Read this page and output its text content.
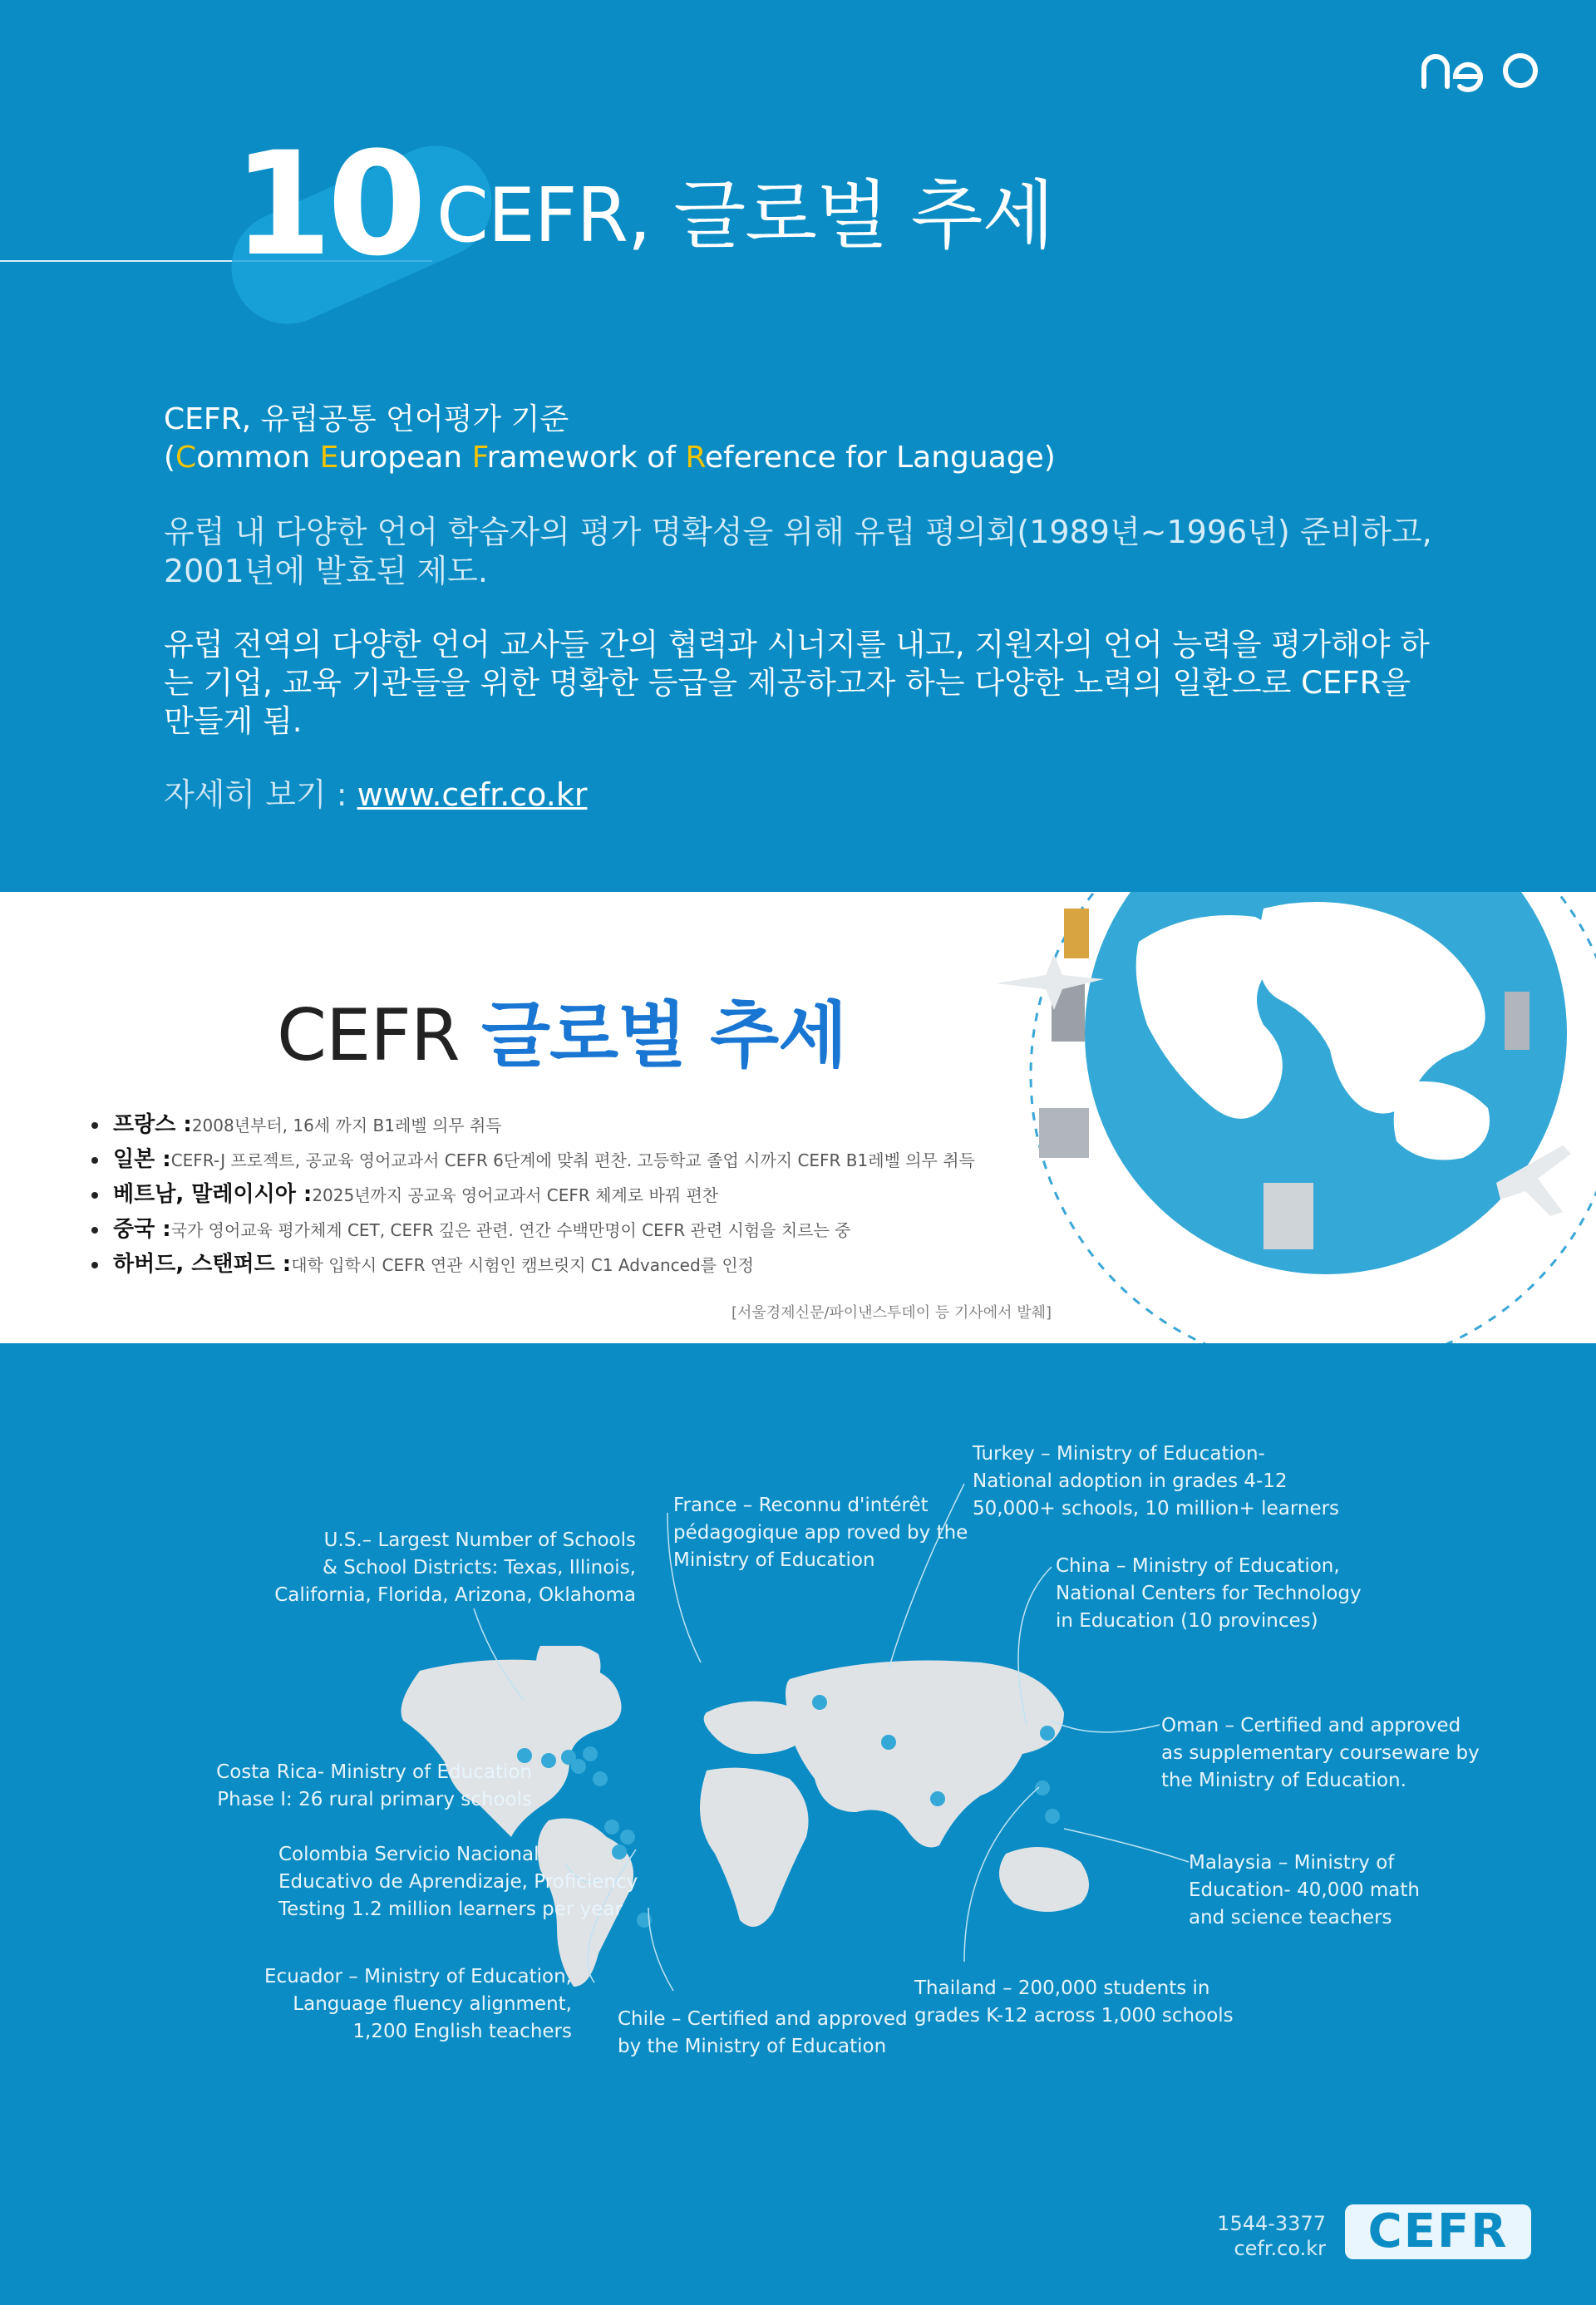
10 CEFR, 글로벌 추세

CEFR, 유럽공통 언어평가 기준

(Common European Framework of Reference for Language)

유럽 내 다양한 언어 학습자의 평가 명확성을 위해 유럽 평의회(1989년~1996년) 준비하고,
2001년에 발효된 제도.

유럽 전역의 다양한 언어 교사들 간의 협력과 시너지를 내고, 지원자의 언어 능력을 평가해야 하
는 기업, 교육 기관들을 위한 명확한 등급을 제공하고자 하는 다양한 노력의 일환으로 CEFR을
만들게 됨.

자세히 보기 : www.cefr.co.kr

CEFR 글로벌 추세
프랑스 :2008년부터, 16세 까지 B1레벨 의무 취득
일본 :CEFR-J 프로젝트, 공교육 영어교과서 CEFR 6단계에 맞춰 편찬. 고등학교 졸업 시까지 CEFR B1레벨 의무 취득
베트남, 말레이시아 :2025년까지 공교육 영어교과서 CEFR 체계로 바꿔 편찬
중국 :국가 영어교육 평가체계 CET, CEFR 깊은 관련. 연간 수백만명이 CEFR 관련 시험을 치르는 중
하버드, 스탠퍼드 :대학 입학시 CEFR 연관 시험인 캠브릿지 C1 Advanced를 인정
[서울경제신문/파이낸스투데이 등 기사에서 발췌]
U.S.– Largest Number of Schools
& School Districts: Texas, Illinois,
California, Florida, Arizona, Oklahoma
France – Reconnu d'intérêt
pédagogique app roved by the
Ministry of Education
Turkey – Ministry of Education-
National adoption in grades 4-12
50,000+ schools, 10 million+ learners
China – Ministry of Education,
National Centers for Technology
in Education (10 provinces)
Oman – Certified and approved
as supplementary courseware by
the Ministry of Education.
Costa Rica- Ministry of Education
Phase I: 26 rural primary schools
Colombia Servicio Nacional
Educativo de Aprendizaje, Proficiency
Testing 1.2 million learners per year
Malaysia – Ministry of
Education- 40,000 math
and science teachers
Ecuador – Ministry of Education,
Language fluency alignment,
1,200 English teachers
Chile – Certified and approved
by the Ministry of Education
Thailand – 200,000 students in
grades K-12 across 1,000 schools
1544-3377
cefr.co.kr CEFR
